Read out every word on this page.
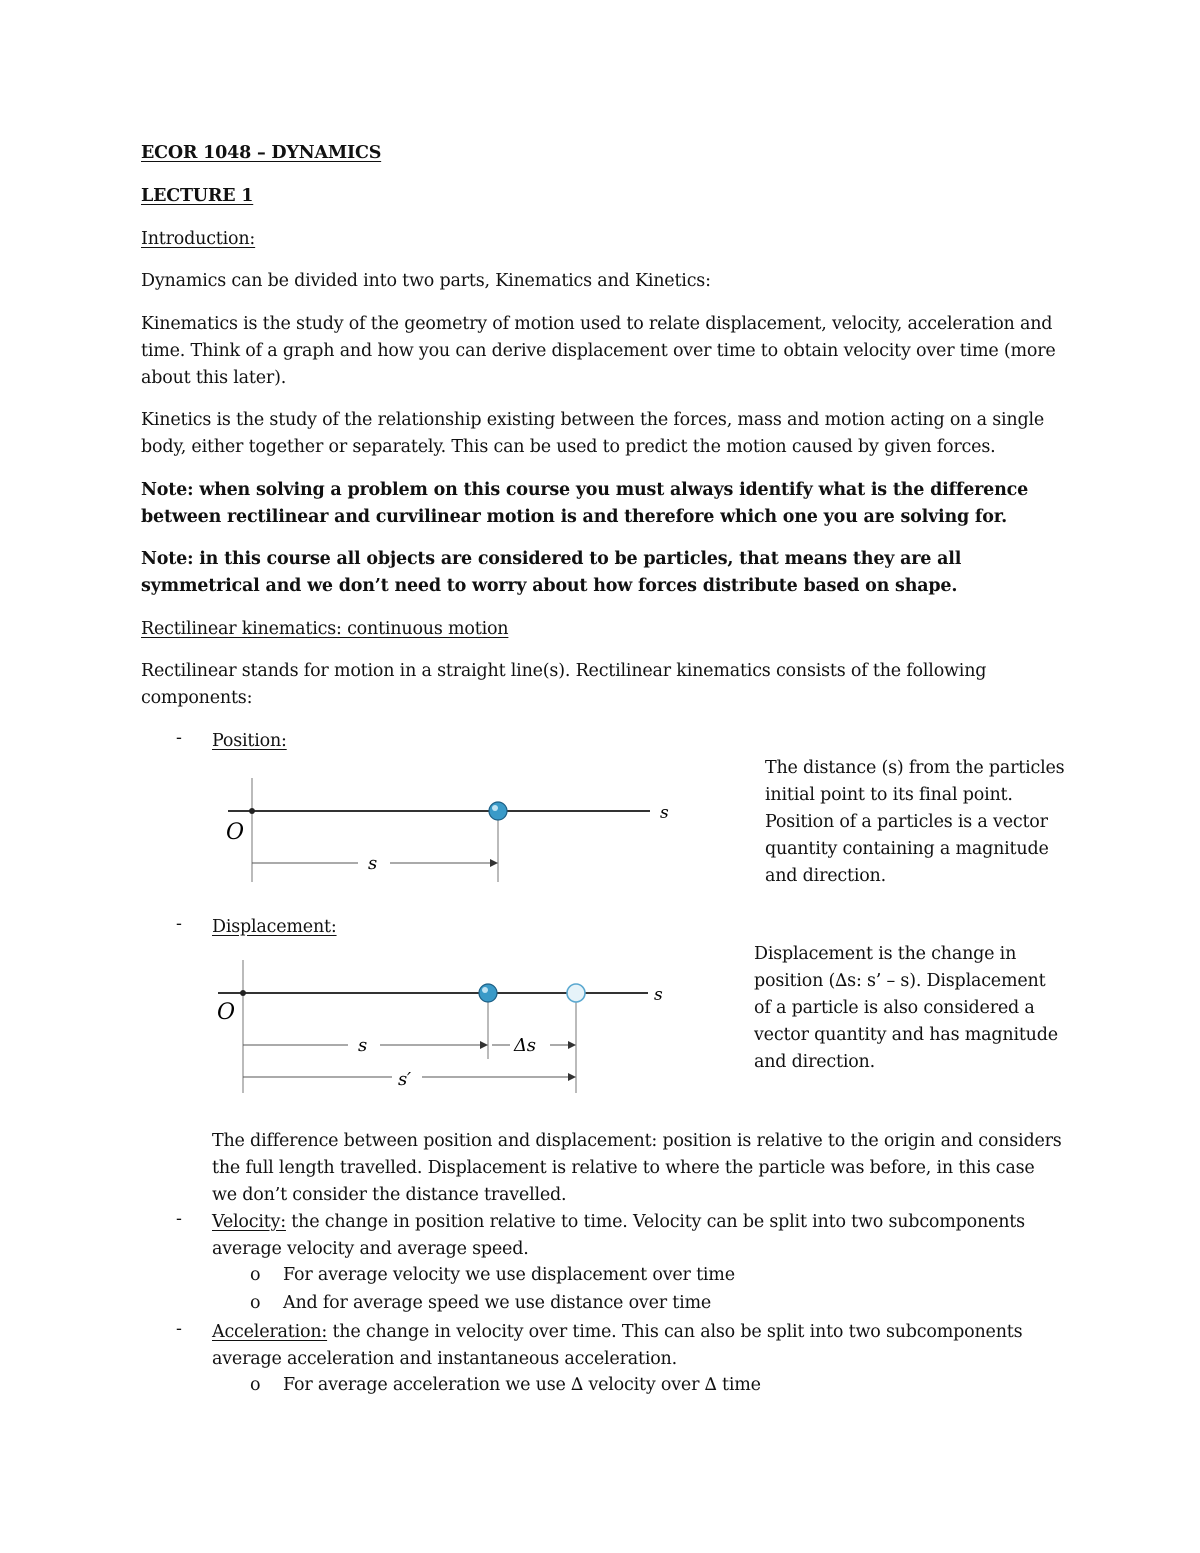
ECOR 1048 – DYNAMICS

LECTURE 1

Introduction:

Dynamics can be divided into two parts, Kinematics and Kinetics:

Kinematics is the study of the geometry of motion used to relate displacement, velocity, acceleration and time. Think of a graph and how you can derive displacement over time to obtain velocity over time (more about this later).

Kinetics is the study of the relationship existing between the forces, mass and motion acting on a single body, either together or separately. This can be used to predict the motion caused by given forces.

Note: when solving a problem on this course you must always identify what is the difference between rectilinear and curvilinear motion is and therefore which one you are solving for.

Note: in this course all objects are considered to be particles, that means they are all symmetrical and we don’t need to worry about how forces distribute based on shape.

Rectilinear kinematics: continuous motion

Rectilinear stands for motion in a straight line(s). Rectilinear kinematics consists of the following components:

- Position:

O
s
s

The distance (s) from the particles initial point to its final point. Position of a particles is a vector quantity containing a magnitude and direction.

- Displacement:

O
s
s	Δs
s′

Displacement is the change in position (∆s: s’ – s). Displacement of a particle is also considered a vector quantity and has magnitude and direction.

The difference between position and displacement: position is relative to the origin and considers the full length travelled. Displacement is relative to where the particle was before, in this case we don’t consider the distance travelled.

- Velocity: the change in position relative to time. Velocity can be split into two subcomponents average velocity and average speed.

o For average velocity we use displacement over time

o And for average speed we use distance over time

- Acceleration: the change in velocity over time. This can also be split into two subcomponents average acceleration and instantaneous acceleration.

o For average acceleration we use ∆ velocity over ∆ time
